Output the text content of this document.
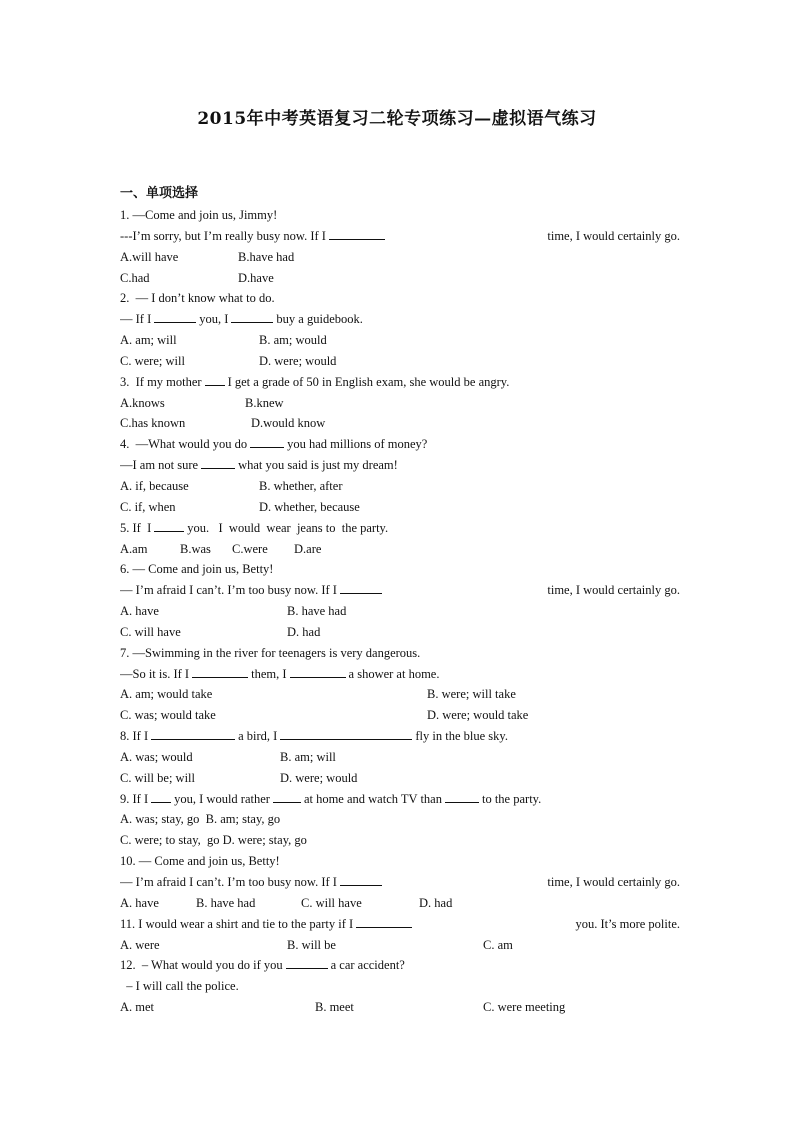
2015年中考英语复习二轮专项练习—虚拟语气练习
一、单项选择
1. —Come and join us, Jimmy!
---I’m sorry, but I’m really busy now. If I	time, I would certainly go.
A.will have	B.have had
C.had	D.have
2.  — I don’t know what to do.
— If I	you, I	buy a guidebook.
A. am; will	B. am; would
C. were; will	D. were; would
3.  If my mother I get a grade of 50 in English exam, she would be angry.
A.knows	B.knew
C.has known	D.would know
4.  —What would you do	you had millions of money?
—I am not sure	what you said is just my dream!
A. if, because	B. whether, after
C. if, when	D. whether, because
5. If  I	you.   I  would  wear  jeans to  the party.
A.am	B.was C.were D.are
6. — Come and join us, Betty!
— I’m afraid I can’t. I’m too busy now. If I	time, I would certainly go.
A. have	B. have had
C. will have	D. had
7. —Swimming in the river for teenagers is very dangerous.
—So it is. If I	them, I	a shower at home.
A. am; would take	B. were; will take
C. was; would take	D. were; would take
8. If I	a bird, I	fly in the blue sky.
A. was; would	B. am; will
C. will be; will	D. were; would
9. If I you, I would rather	at home and watch TV than	to the party.
A. was; stay, go  B. am; stay, go
C. were; to stay,  go D. were; stay, go
10. — Come and join us, Betty!
— I’m afraid I can’t. I’m too busy now. If I	time, I would certainly go.
A. have	B. have had	C. will have	D. had
11. I would wear a shirt and tie to the party if I	you. It’s more polite.
A. were	B. will be	C. am
12.  – What would you do if you	a car accident?
– I will call the police.
A. met	B. meet	C. were meeting
